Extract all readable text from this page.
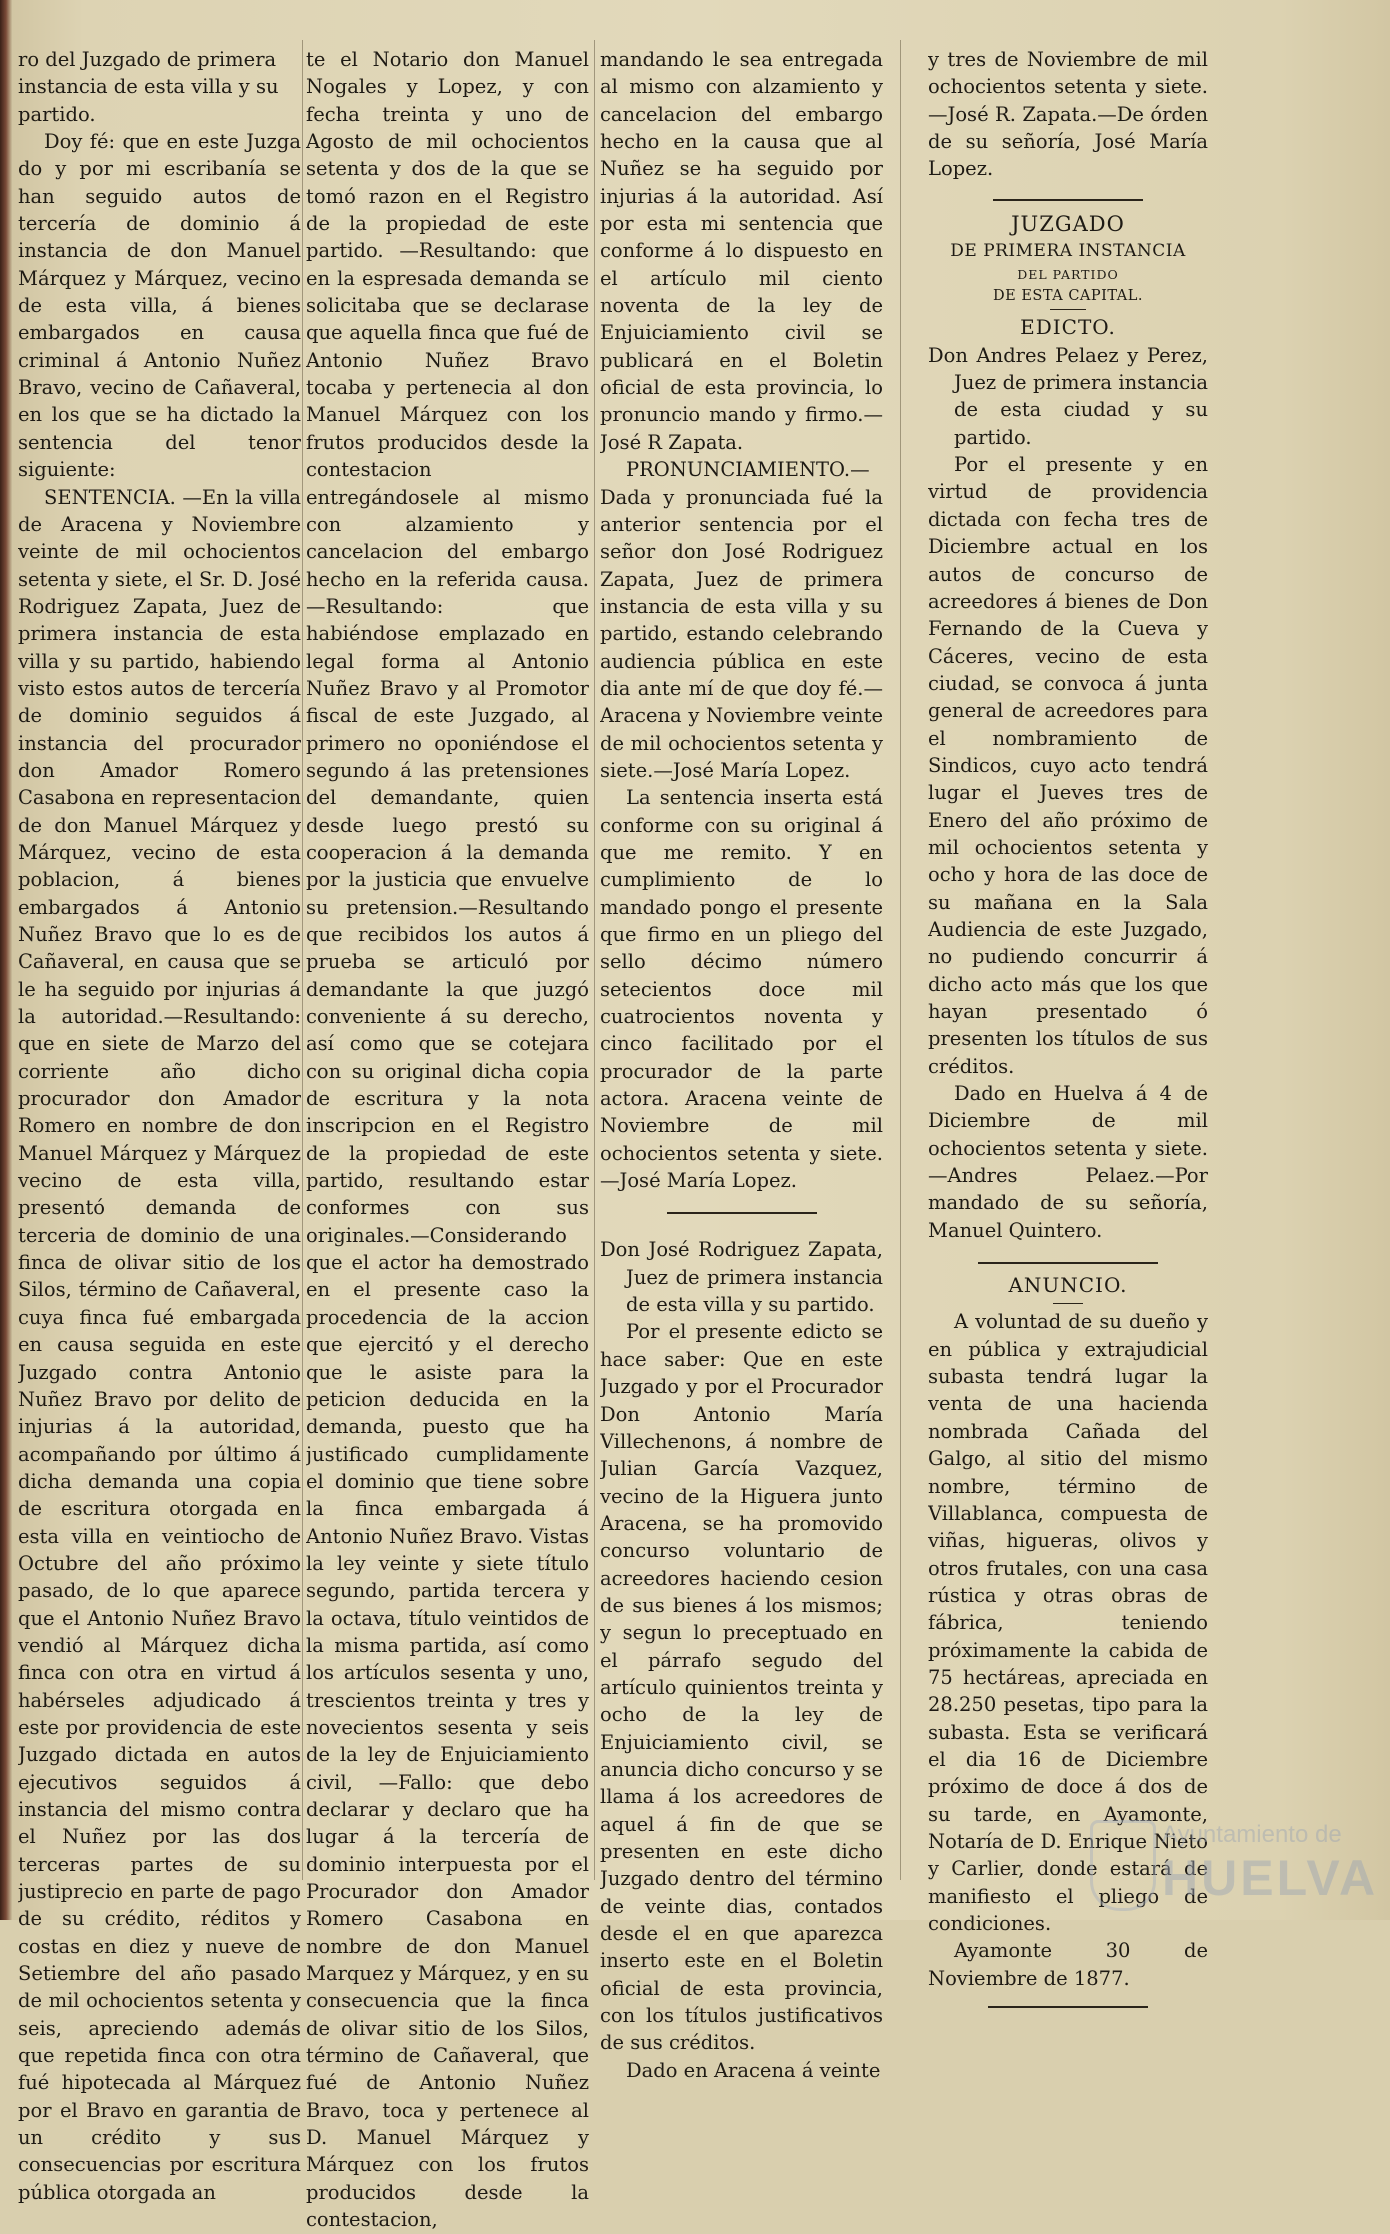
ro del Juzgado de primera

instancia de esta villa y su

partido.

Doy fé: que en este Juzga do y por mi escribanía se han seguido autos de tercería de dominio á instancia de don Manuel Márquez y Márquez, vecino de esta villa, á bienes embargados en causa criminal á Antonio Nuñez Bravo, vecino de Cañaveral, en los que se ha dictado la sentencia del tenor siguiente:

SENTENCIA. —En la villa de Aracena y Noviembre veinte de mil ochocientos setenta y siete, el Sr. D. José Rodriguez Zapata, Juez de primera instancia de esta villa y su partido, habiendo visto estos autos de tercería de dominio seguidos á instancia del procurador don Amador Romero Casabona en representacion de don Manuel Márquez y Márquez, vecino de esta poblacion, á bienes embargados á Antonio Nuñez Bravo que lo es de Cañaveral, en causa que se le ha seguido por injurias á la autoridad.—Resultando: que en siete de Marzo del corriente año dicho procurador don Amador Romero en nombre de don Manuel Márquez y Márquez vecino de esta villa, presentó demanda de terceria de dominio de una finca de olivar sitio de los Silos, término de Cañaveral, cuya finca fué embargada en causa seguida en este Juzgado contra Antonio Nuñez Bravo por delito de injurias á la autoridad, acompañando por último á dicha demanda una copia de escritura otorgada en esta villa en veintiocho de Octubre del año próximo pasado, de lo que aparece que el Antonio Nuñez Bravo vendió al Márquez dicha finca con otra en virtud á habérseles adjudicado á este por providencia de este Juzgado dictada en autos ejecutivos seguidos á instancia del mismo contra el Nuñez por las dos terceras partes de su justiprecio en parte de pago de su crédito, réditos y costas en diez y nueve de Setiembre del año pasado de mil ochocientos setenta y seis, apreciendo además que repetida finca con otra fué hipotecada al Márquez por el Bravo en garantia de un crédito y sus consecuencias por escritura pública otorgada an

te el Notario don Manuel Nogales y Lopez, y con fecha treinta y uno de Agosto de mil ochocientos setenta y dos de la que se tomó razon en el Registro de la propiedad de este partido. —Resultando: que en la espresada demanda se solicitaba que se declarase que aquella finca que fué de Antonio Nuñez Bravo tocaba y pertenecia al don Manuel Márquez con los frutos producidos desde la contestacion entregándosele al mismo con alzamiento y cancelacion del embargo hecho en la referida causa.—Resultando: que habiéndose emplazado en legal forma al Antonio Nuñez Bravo y al Promotor fiscal de este Juzgado, al primero no oponiéndose el segundo á las pretensiones del demandante, quien desde luego prestó su cooperacion á la demanda por la justicia que envuelve su pretension.—Resultando que recibidos los autos á prueba se articuló por demandante la que juzgó conveniente á su derecho, así como que se cotejara con su original dicha copia de escritura y la nota inscripcion en el Registro de la propiedad de este partido, resultando estar conformes con sus originales.—Considerando que el actor ha demostrado en el presente caso la procedencia de la accion que ejercitó y el derecho que le asiste para la peticion deducida en la demanda, puesto que ha justificado cumplidamente el dominio que tiene sobre la finca embargada á Antonio Nuñez Bravo. Vistas la ley veinte y siete título segundo, partida tercera y la octava, título veintidos de la misma partida, así como los artículos sesenta y uno, trescientos treinta y tres y novecientos sesenta y seis de la ley de Enjuiciamiento civil, —Fallo: que debo declarar y declaro que ha lugar á la tercería de dominio interpuesta por el Procurador don Amador Romero Casabona en nombre de don Manuel Marquez y Márquez, y en su consecuencia que la finca de olivar sitio de los Silos, término de Cañaveral, que fué de Antonio Nuñez Bravo, toca y pertenece al D. Manuel Márquez y Márquez con los frutos producidos desde la contestacion,

mandando le sea entregada al mismo con alzamiento y cancelacion del embargo hecho en la causa que al Nuñez se ha seguido por injurias á la autoridad. Así por esta mi sentencia que conforme á lo dispuesto en el artículo mil ciento noventa de la ley de Enjuiciamiento civil se publicará en el Boletin oficial de esta provincia, lo pronuncio mando y firmo.—José R Zapata.

PRONUNCIAMIENTO.—Dada y pronunciada fué la anterior sentencia por el señor don José Rodriguez Zapata, Juez de primera instancia de esta villa y su partido, estando celebrando audiencia pública en este dia ante mí de que doy fé.—Aracena y Noviembre veinte de mil ochocientos setenta y siete.—José María Lopez.

La sentencia inserta está conforme con su original á que me remito. Y en cumplimiento de lo mandado pongo el presente que firmo en un pliego del sello décimo número setecientos doce mil cuatrocientos noventa y cinco facilitado por el procurador de la parte actora. Aracena veinte de Noviembre de mil ochocientos setenta y siete.—José María Lopez.

Don José Rodriguez Zapata, Juez de primera instancia de esta villa y su partido.

Por el presente edicto se hace saber: Que en este Juzgado y por el Procurador Don Antonio María Villechenons, á nombre de Julian García Vazquez, vecino de la Higuera junto Aracena, se ha promovido concurso voluntario de acreedores haciendo cesion de sus bienes á los mismos; y segun lo preceptuado en el párrafo segudo del artículo quinientos treinta y ocho de la ley de Enjuiciamiento civil, se anuncia dicho concurso y se llama á los acreedores de aquel á fin de que se presenten en este dicho Juzgado dentro del término de veinte dias, contados desde el en que aparezca inserto este en el Boletin oficial de esta provincia, con los títulos justificativos de sus créditos.

Dado en Aracena á veinte

y tres de Noviembre de mil ochocientos setenta y siete. —José R. Zapata.—De órden de su señoría, José María Lopez.

JUZGADO
DE PRIMERA INSTANCIA
DEL PARTIDO
DE ESTA CAPITAL.
EDICTO.

Don Andres Pelaez y Perez, Juez de primera instancia de esta ciudad y su partido.

Por el presente y en virtud de providencia dictada con fecha tres de Diciembre actual en los autos de concurso de acreedores á bienes de Don Fernando de la Cueva y Cáceres, vecino de esta ciudad, se convoca á junta general de acreedores para el nombramiento de Sindicos, cuyo acto tendrá lugar el Jueves tres de Enero del año próximo de mil ochocientos setenta y ocho y hora de las doce de su mañana en la Sala Audiencia de este Juzgado, no pudiendo concurrir á dicho acto más que los que hayan presentado ó presenten los títulos de sus créditos.

Dado en Huelva á 4 de Diciembre de mil ochocientos setenta y siete.—Andres Pelaez.—Por mandado de su señoría, Manuel Quintero.

ANUNCIO.

A voluntad de su dueño y en pública y extrajudicial subasta tendrá lugar la venta de una hacienda nombrada Cañada del Galgo, al sitio del mismo nombre, término de Villablanca, compuesta de viñas, higueras, olivos y otros frutales, con una casa rústica y otras obras de fábrica, teniendo próximamente la cabida de 75 hectáreas, apreciada en 28.250 pesetas, tipo para la subasta. Esta se verificará el dia 16 de Diciembre próximo de doce á dos de su tarde, en Ayamonte, Notaría de D. Enrique Nieto y Carlier, donde estará de manifiesto el pliego de condiciones.

Ayamonte 30 de Noviembre de 1877.

Ayuntamiento de
HUELVA
